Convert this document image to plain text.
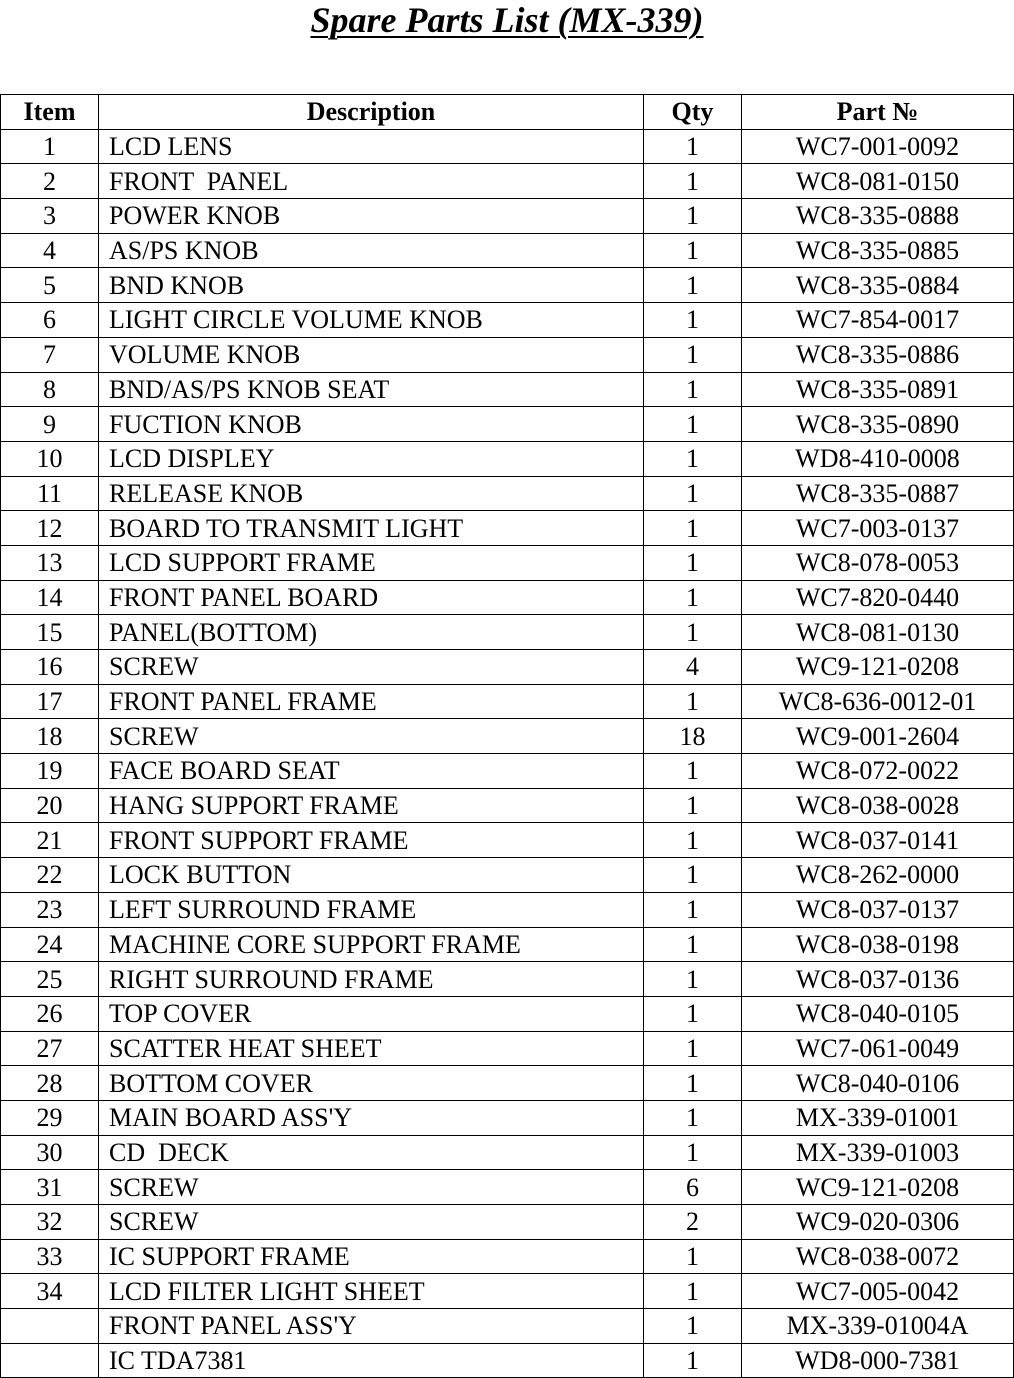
Spare Parts List (MX-339)
Item	Description	Qty	Part №
1	LCD LENS	1	WC7-001-0092
2	FRONT  PANEL	1	WC8-081-0150
3	POWER KNOB	1	WC8-335-0888
4	AS/PS KNOB	1	WC8-335-0885
5	BND KNOB	1	WC8-335-0884
6	LIGHT CIRCLE VOLUME KNOB	1	WC7-854-0017
7	VOLUME KNOB	1	WC8-335-0886
8	BND/AS/PS KNOB SEAT	1	WC8-335-0891
9	FUCTION KNOB	1	WC8-335-0890
10	LCD DISPLEY	1	WD8-410-0008
11	RELEASE KNOB	1	WC8-335-0887
12	BOARD TO TRANSMIT LIGHT	1	WC7-003-0137
13	LCD SUPPORT FRAME	1	WC8-078-0053
14	FRONT PANEL BOARD	1	WC7-820-0440
15	PANEL(BOTTOM)	1	WC8-081-0130
16	SCREW	4	WC9-121-0208
17	FRONT PANEL FRAME	1	WC8-636-0012-01
18	SCREW	18	WC9-001-2604
19	FACE BOARD SEAT	1	WC8-072-0022
20	HANG SUPPORT FRAME	1	WC8-038-0028
21	FRONT SUPPORT FRAME	1	WC8-037-0141
22	LOCK BUTTON	1	WC8-262-0000
23	LEFT SURROUND FRAME	1	WC8-037-0137
24	MACHINE CORE SUPPORT FRAME	1	WC8-038-0198
25	RIGHT SURROUND FRAME	1	WC8-037-0136
26	TOP COVER	1	WC8-040-0105
27	SCATTER HEAT SHEET	1	WC7-061-0049
28	BOTTOM COVER	1	WC8-040-0106
29	MAIN BOARD ASS'Y	1	MX-339-01001
30	CD  DECK	1	MX-339-01003
31	SCREW	6	WC9-121-0208
32	SCREW	2	WC9-020-0306
33	IC SUPPORT FRAME	1	WC8-038-0072
34	LCD FILTER LIGHT SHEET	1	WC7-005-0042
	FRONT PANEL ASS'Y	1	MX-339-01004A
	IC TDA7381	1	WD8-000-7381
